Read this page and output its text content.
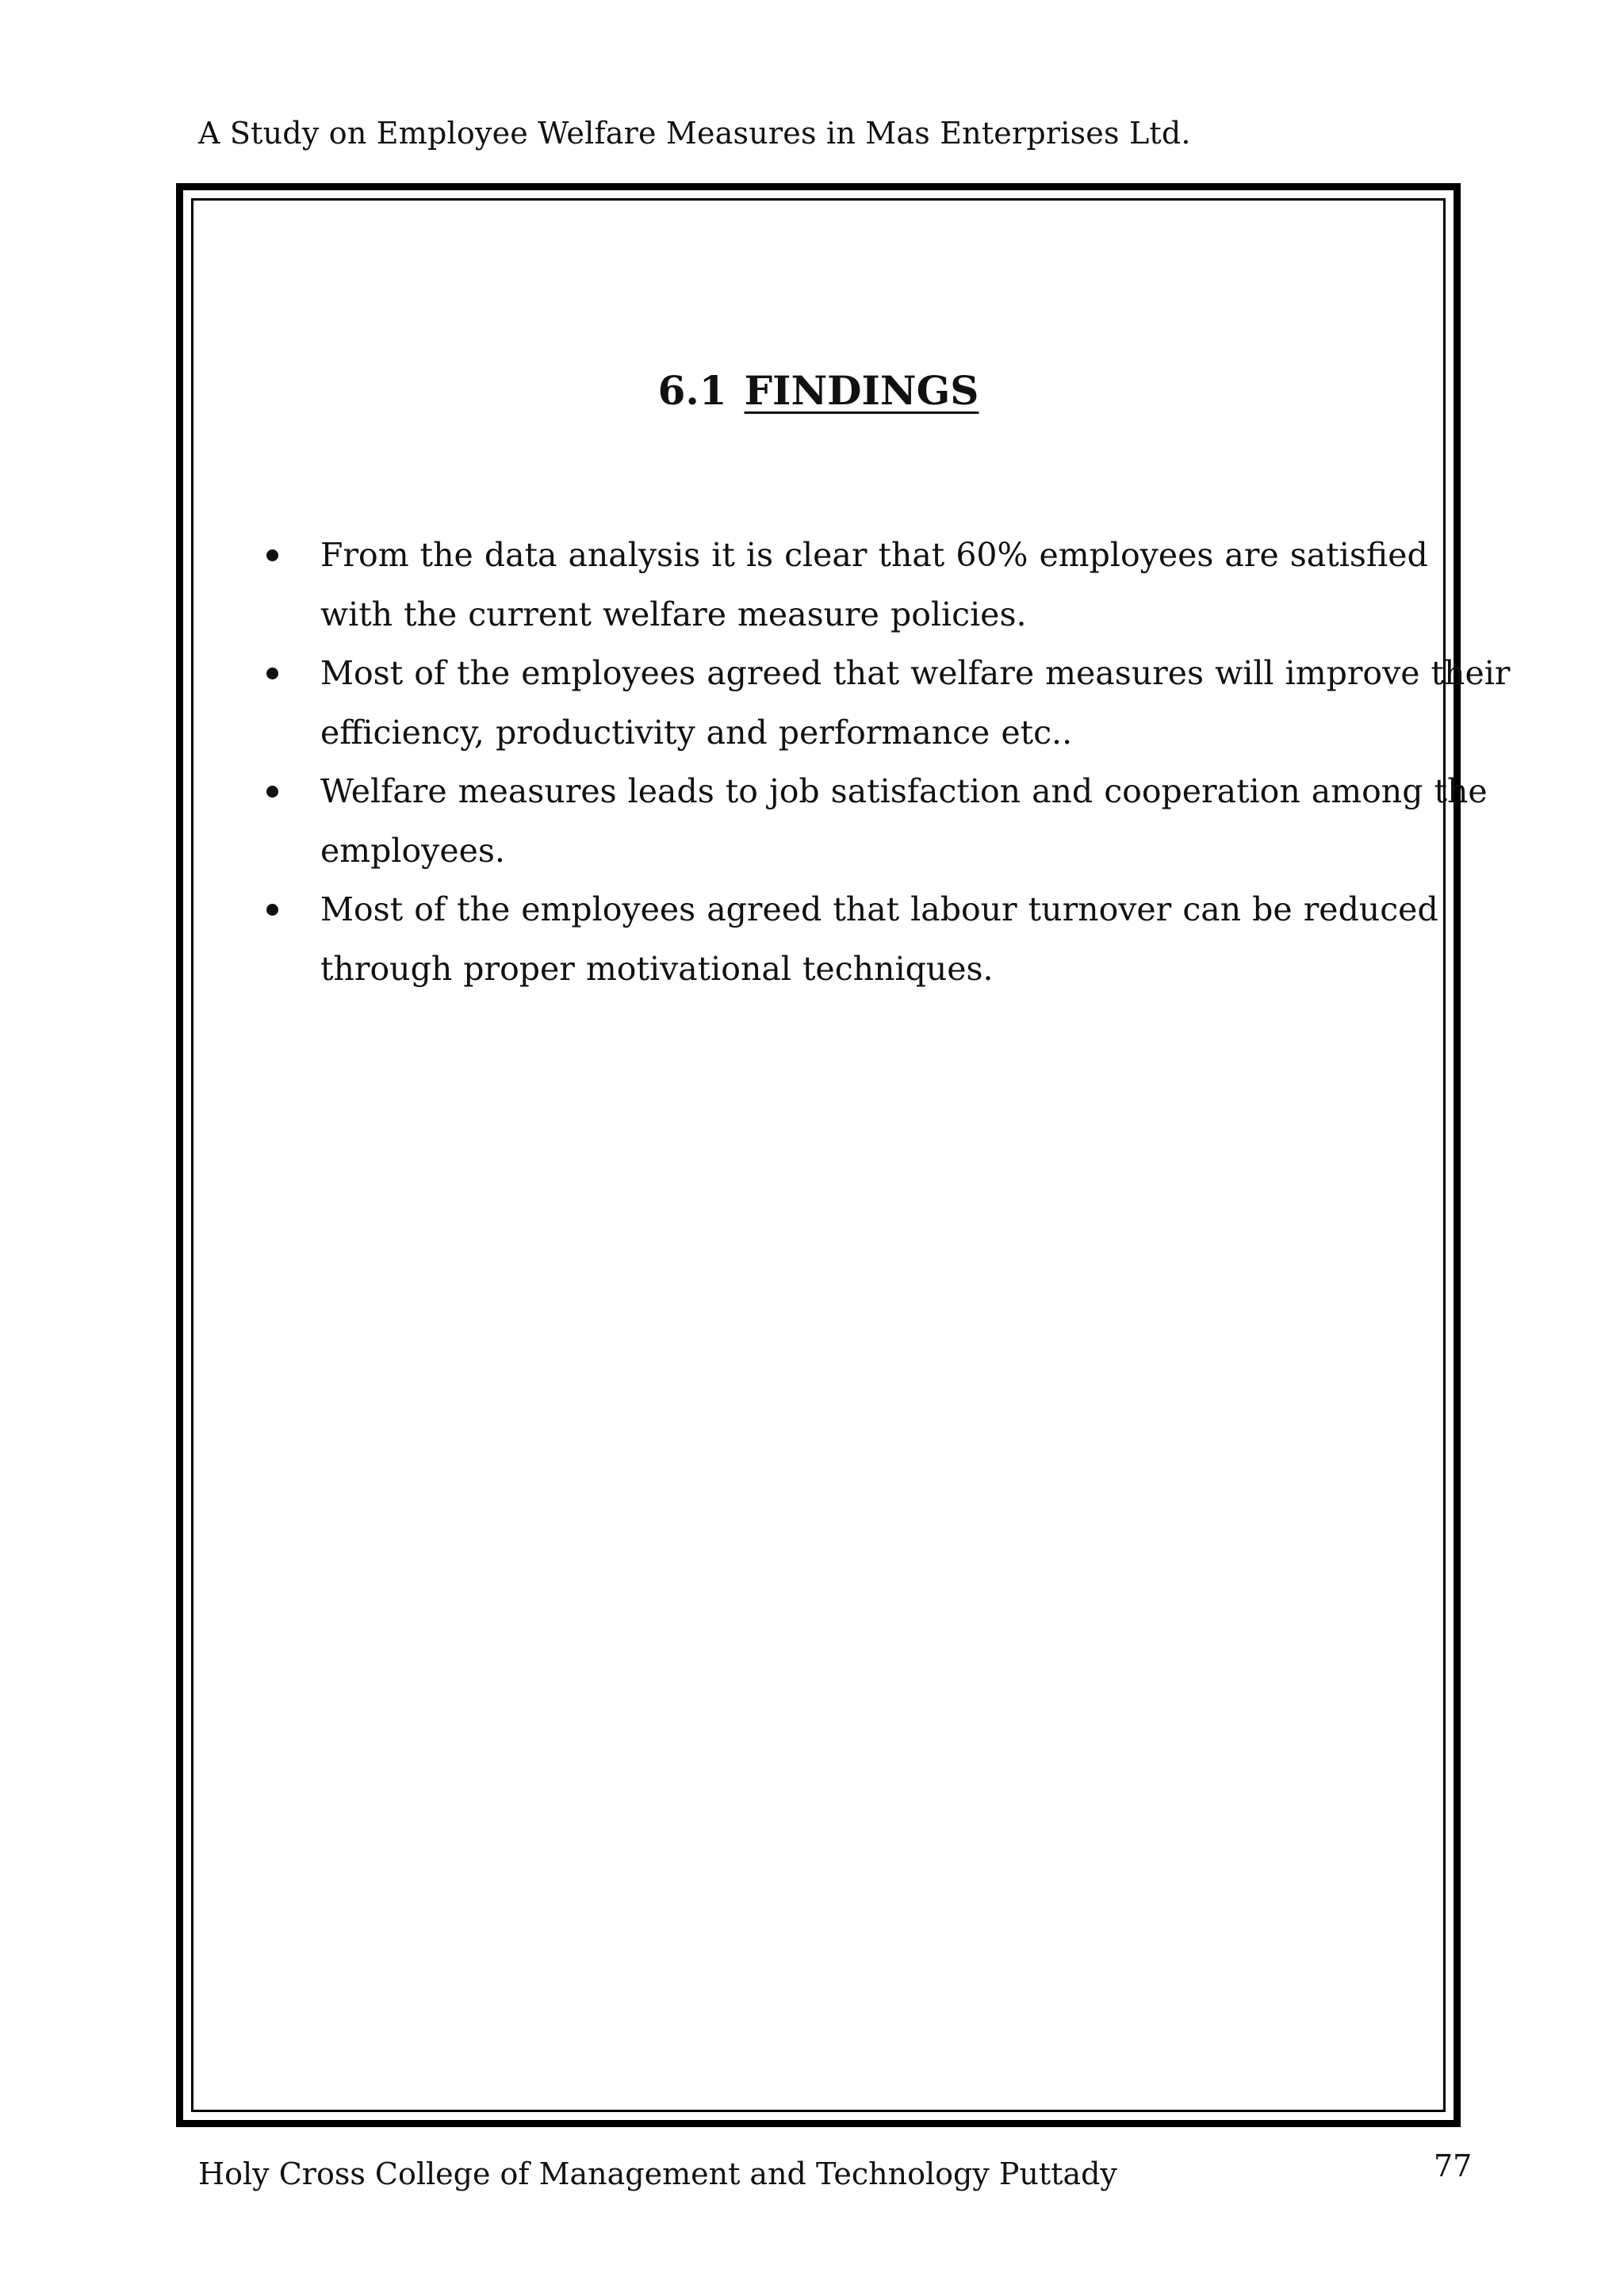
A Study on Employee Welfare Measures in Mas Enterprises Ltd.
6.1 FINDINGS
From the data analysis it is clear that 60% employees are satisfied
with the current welfare measure policies.
Most of the employees agreed that welfare measures will improve their
efficiency, productivity and performance etc..
Welfare measures leads to job satisfaction and cooperation among the
employees.
Most of the employees agreed that labour turnover can be reduced
through proper motivational techniques.
Holy Cross College of Management and Technology Puttady	77
